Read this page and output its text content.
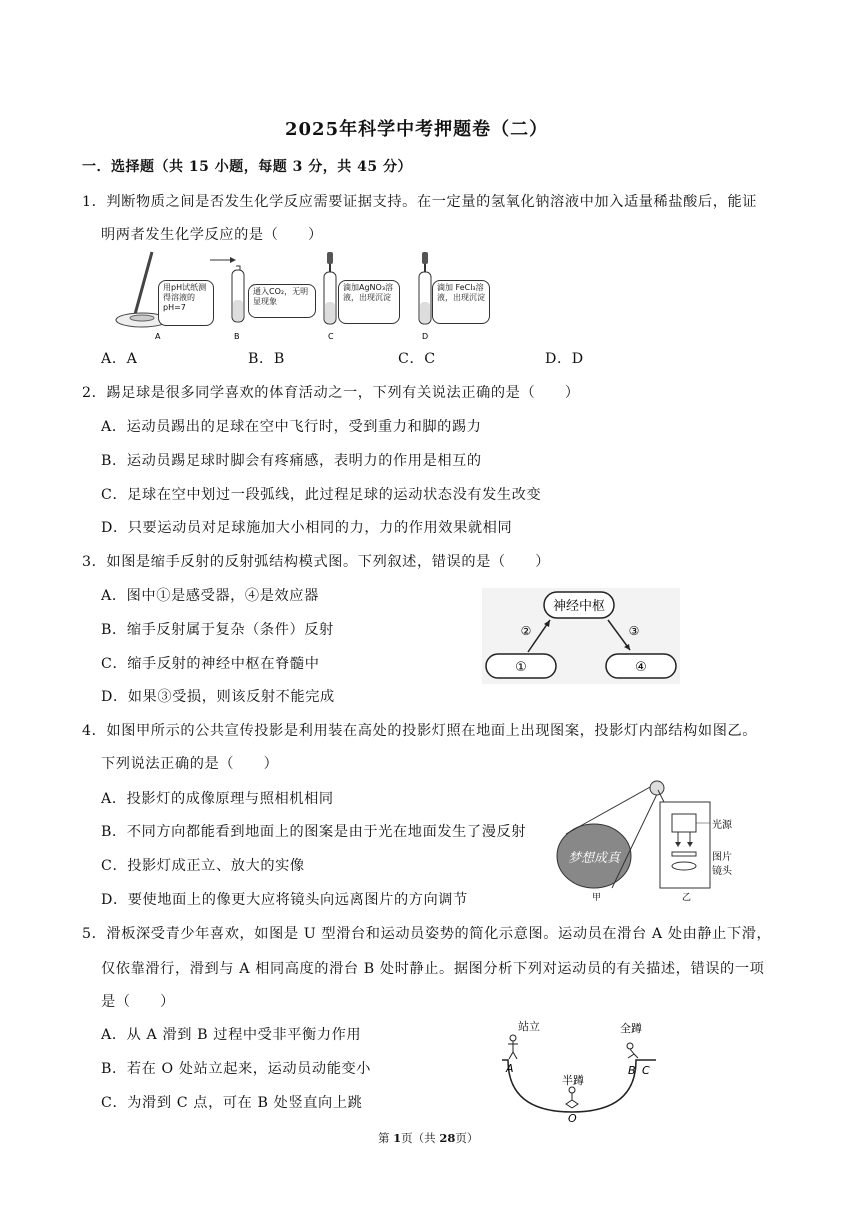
2025年科学中考押题卷（二）
一．选择题（共 15 小题，每题 3 分，共 45 分）
1．判断物质之间是否发生化学反应需要证据支持。在一定量的氢氧化钠溶液中加入适量稀盐酸后，能证
明两者发生化学反应的是（　　）
A	B	C	D
用pH试纸测得溶液的pH=7
通入CO₂，无明显现象
滴加AgNO₃溶液，出现沉淀
滴加 FeCl₃溶液，出现沉淀
A．A	B．B	C．C	D．D
2．踢足球是很多同学喜欢的体育活动之一，下列有关说法正确的是（　　）
A．运动员踢出的足球在空中飞行时，受到重力和脚的踢力
B．运动员踢足球时脚会有疼痛感，表明力的作用是相互的
C．足球在空中划过一段弧线，此过程足球的运动状态没有发生改变
D．只要运动员对足球施加大小相同的力，力的作用效果就相同
3．如图是缩手反射的反射弧结构模式图。下列叙述，错误的是（　　）
A．图中①是感受器，④是效应器
B．缩手反射属于复杂（条件）反射
C．缩手反射的神经中枢在脊髓中
D．如果③受损，则该反射不能完成
神经中枢
①	④
②	③
4．如图甲所示的公共宣传投影是利用装在高处的投影灯照在地面上出现图案，投影灯内部结构如图乙。
下列说法正确的是（　　）
A．投影灯的成像原理与照相机相同
B．不同方向都能看到地面上的图案是由于光在地面发生了漫反射
C．投影灯成正立、放大的实像
D．要使地面上的像更大应将镜头向远离图片的方向调节
梦想成真
光源
图片
镜头
甲	乙
5．滑板深受青少年喜欢，如图是 U 型滑台和运动员姿势的简化示意图。运动员在滑台 A 处由静止下滑，
仅依靠滑行，滑到与 A 相同高度的滑台 B 处时静止。据图分析下列对运动员的有关描述，错误的一项
是（　　）
A．从 A 滑到 B 过程中受非平衡力作用
B．若在 O 处站立起来，运动员动能变小
C．为滑到 C 点，可在 B 处竖直向上跳
站立
半蹲
全蹲
A	B C
O
第 1页（共 28页）
